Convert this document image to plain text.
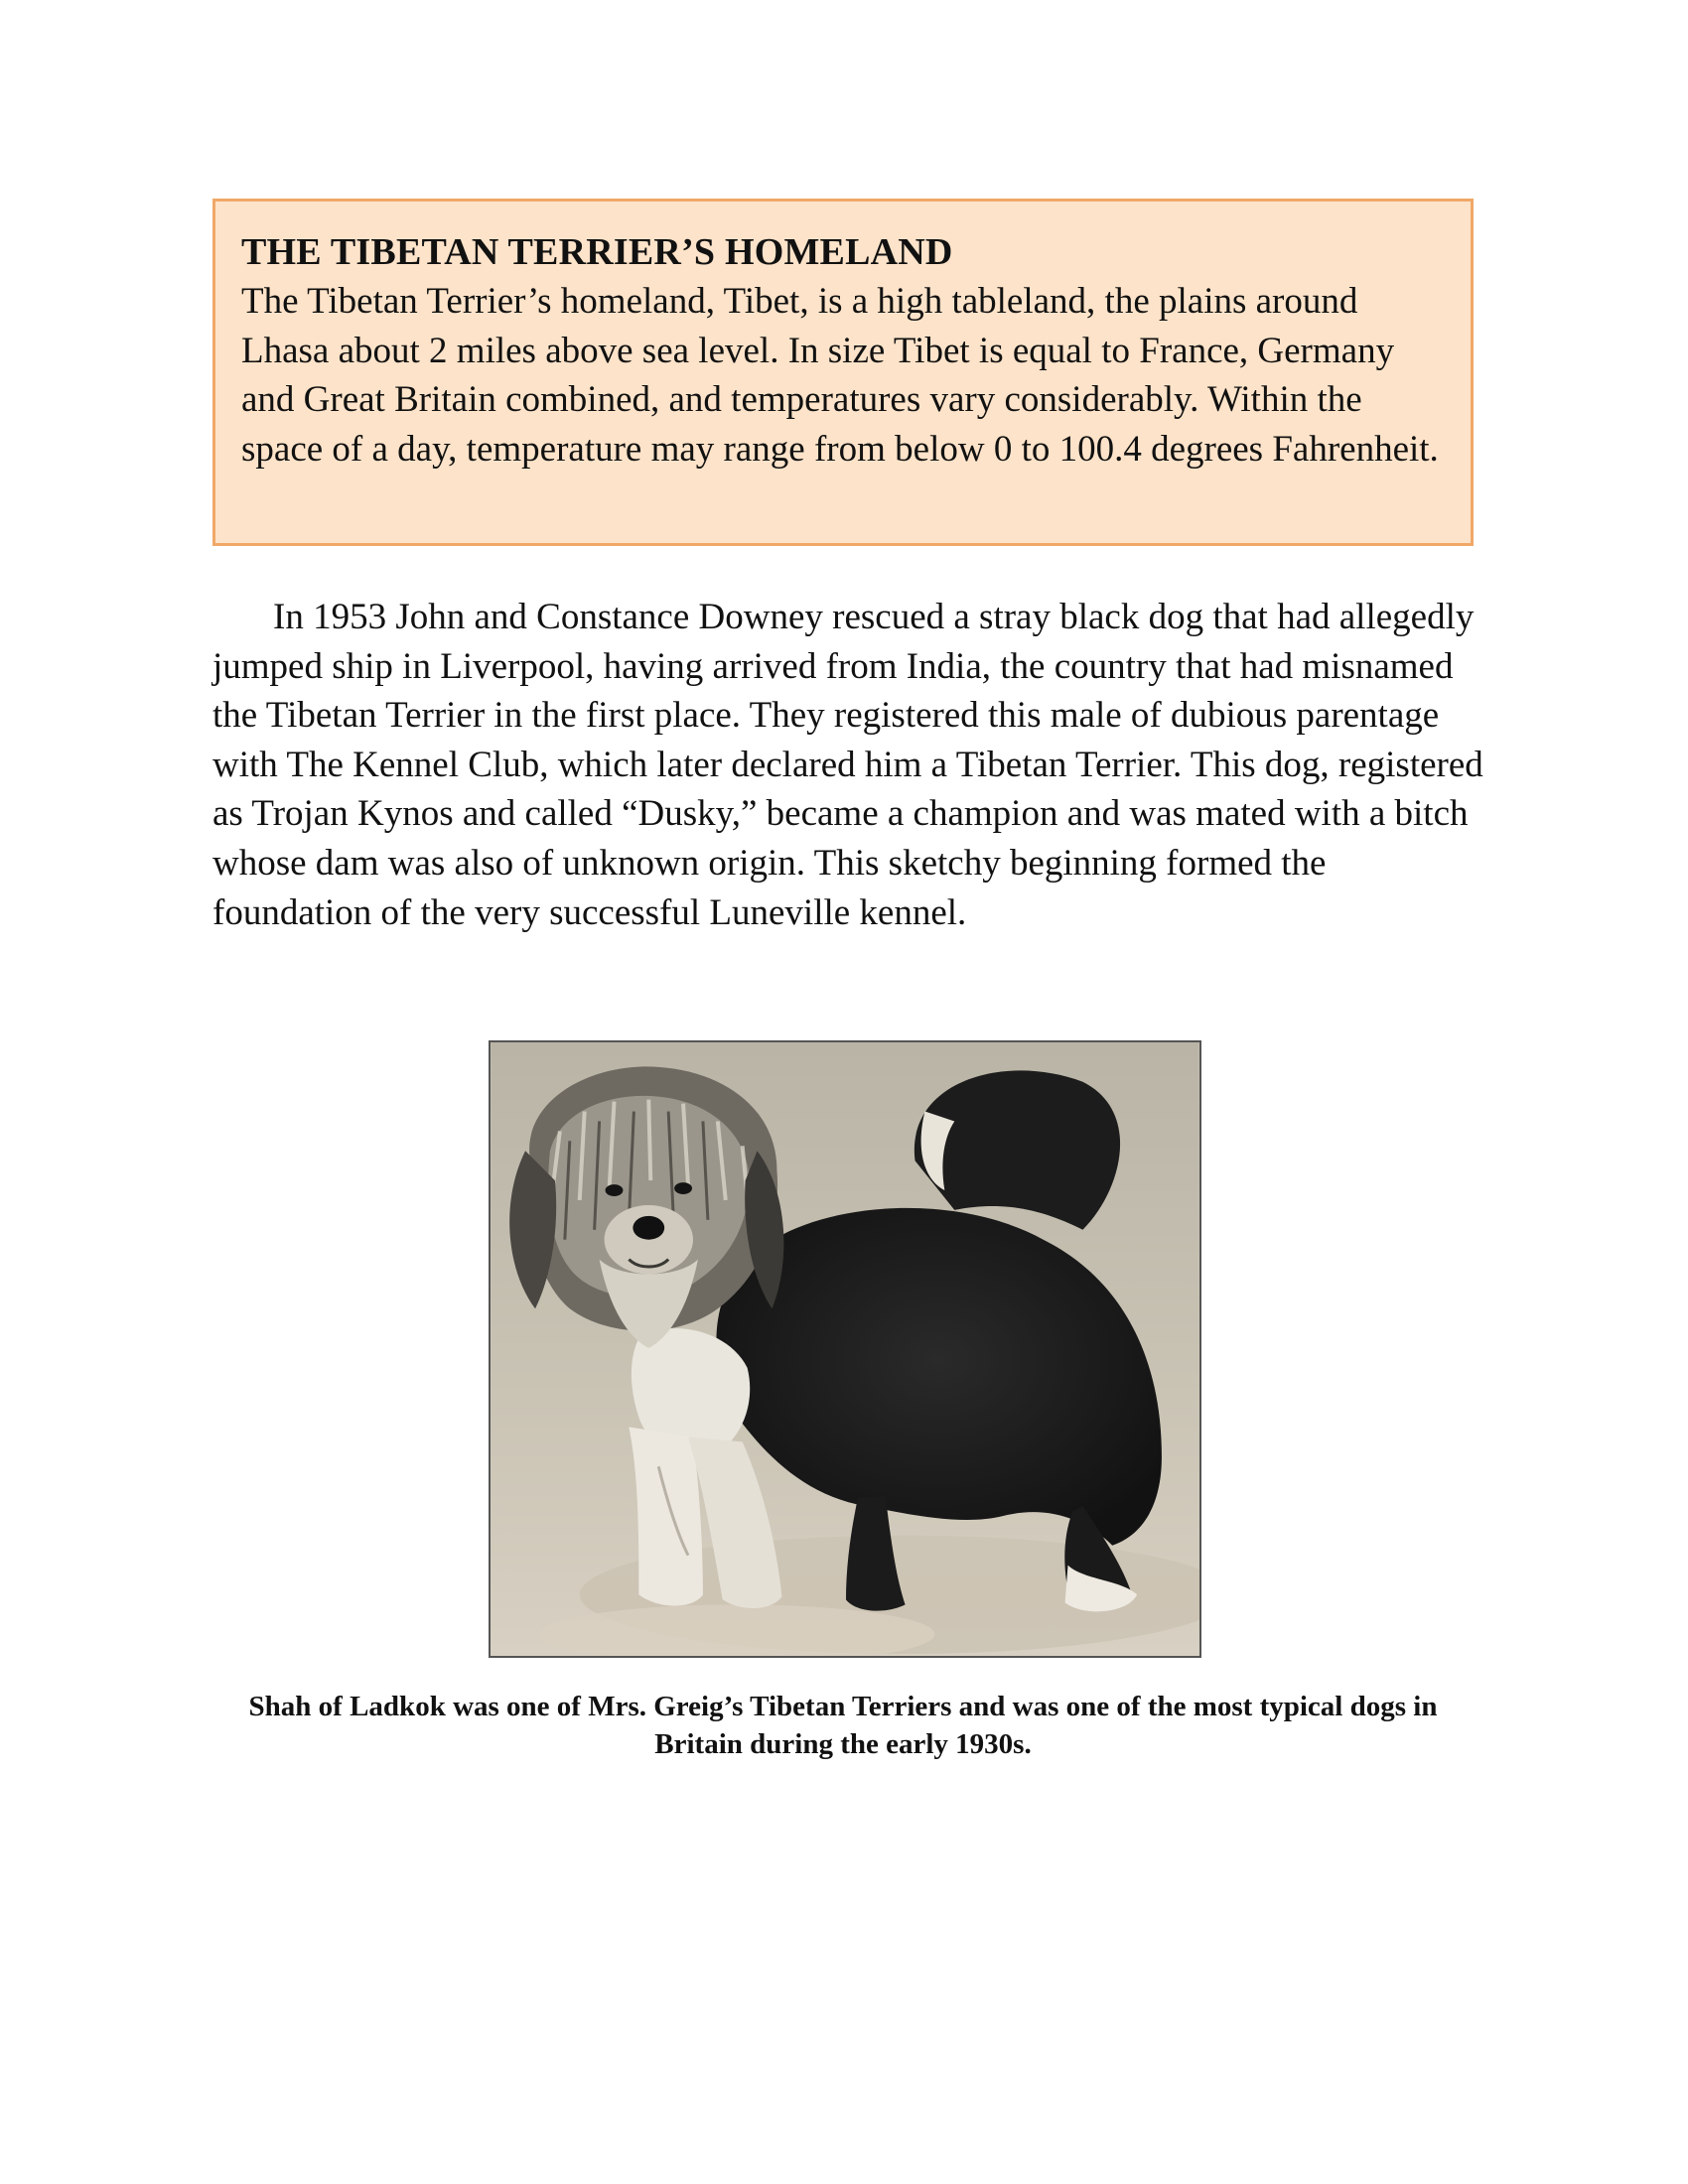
THE TIBETAN TERRIER’S HOMELAND

The Tibetan Terrier’s homeland, Tibet, is a high tableland, the plains around Lhasa about 2 miles above sea level. In size Tibet is equal to France, Germany and Great Britain combined, and temperatures vary considerably. Within the space of a day, temperature may range from below 0 to 100.4 degrees Fahrenheit.

In 1953 John and Constance Downey rescued a stray black dog that had allegedly jumped ship in Liverpool, having arrived from India, the country that had misnamed the Tibetan Terrier in the first place. They registered this male of dubious parentage with The Kennel Club, which later declared him a Tibetan Terrier. This dog, registered as Trojan Kynos and called “Dusky,” became a champion and was mated with a bitch whose dam was also of unknown origin. This sketchy beginning formed the foundation of the very successful Luneville kennel.

Shah of Ladkok was one of Mrs. Greig’s Tibetan Terriers and was one of the most typical dogs in Britain during the early 1930s.
